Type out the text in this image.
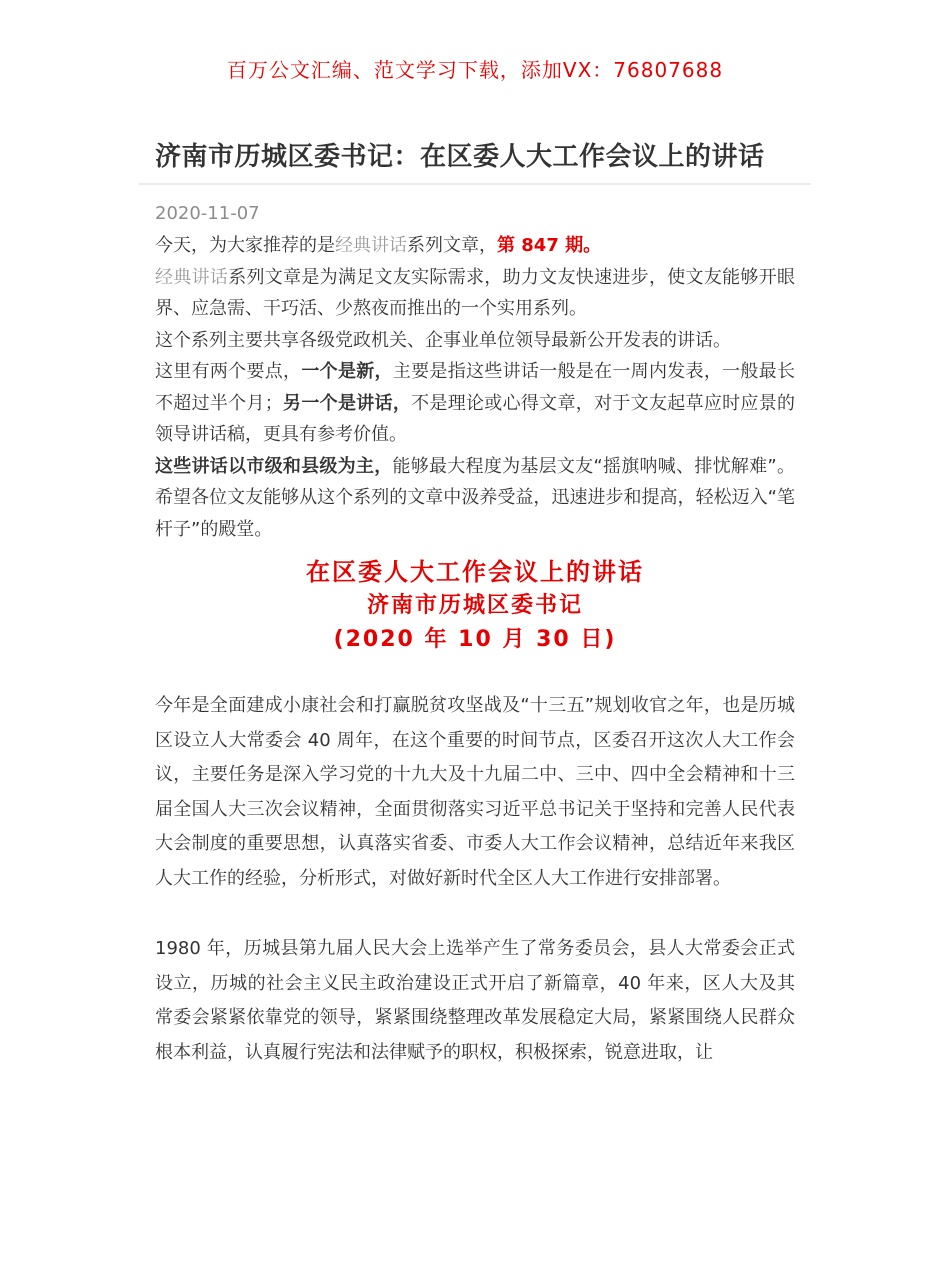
百万公文汇编、范文学习下载，添加VX：76807688
济南市历城区委书记：在区委人大工作会议上的讲话
2020-11-07

今天，为大家推荐的是经典讲话系列文章，第 847 期。

经典讲话系列文章是为满足文友实际需求，助力文友快速进步，使文友能够开眼界、应急需、干巧活、少熬夜而推出的一个实用系列。

这个系列主要共享各级党政机关、企事业单位领导最新公开发表的讲话。

这里有两个要点，一个是新，主要是指这些讲话一般是在一周内发表，一般最长不超过半个月；另一个是讲话，不是理论或心得文章，对于文友起草应时应景的领导讲话稿，更具有参考价值。

这些讲话以市级和县级为主，能够最大程度为基层文友“摇旗呐喊、排忧解难”。希望各位文友能够从这个系列的文章中汲养受益，迅速进步和提高，轻松迈入“笔杆子”的殿堂。

在区委人大工作会议上的讲话
济南市历城区委书记
(2020 年 10 月 30 日)

今年是全面建成小康社会和打赢脱贫攻坚战及“十三五”规划收官之年，也是历城区设立人大常委会 40 周年，在这个重要的时间节点，区委召开这次人大工作会议，主要任务是深入学习党的十九大及十九届二中、三中、四中全会精神和十三届全国人大三次会议精神，全面贯彻落实习近平总书记关于坚持和完善人民代表大会制度的重要思想，认真落实省委、市委人大工作会议精神，总结近年来我区人大工作的经验，分析形式，对做好新时代全区人大工作进行安排部署。

1980 年，历城县第九届人民大会上选举产生了常务委员会，县人大常委会正式设立，历城的社会主义民主政治建设正式开启了新篇章，40 年来，区人大及其常委会紧紧依靠党的领导，紧紧围绕整理改革发展稳定大局，紧紧围绕人民群众根本利益，认真履行宪法和法律赋予的职权，积极探索，锐意进取，让
